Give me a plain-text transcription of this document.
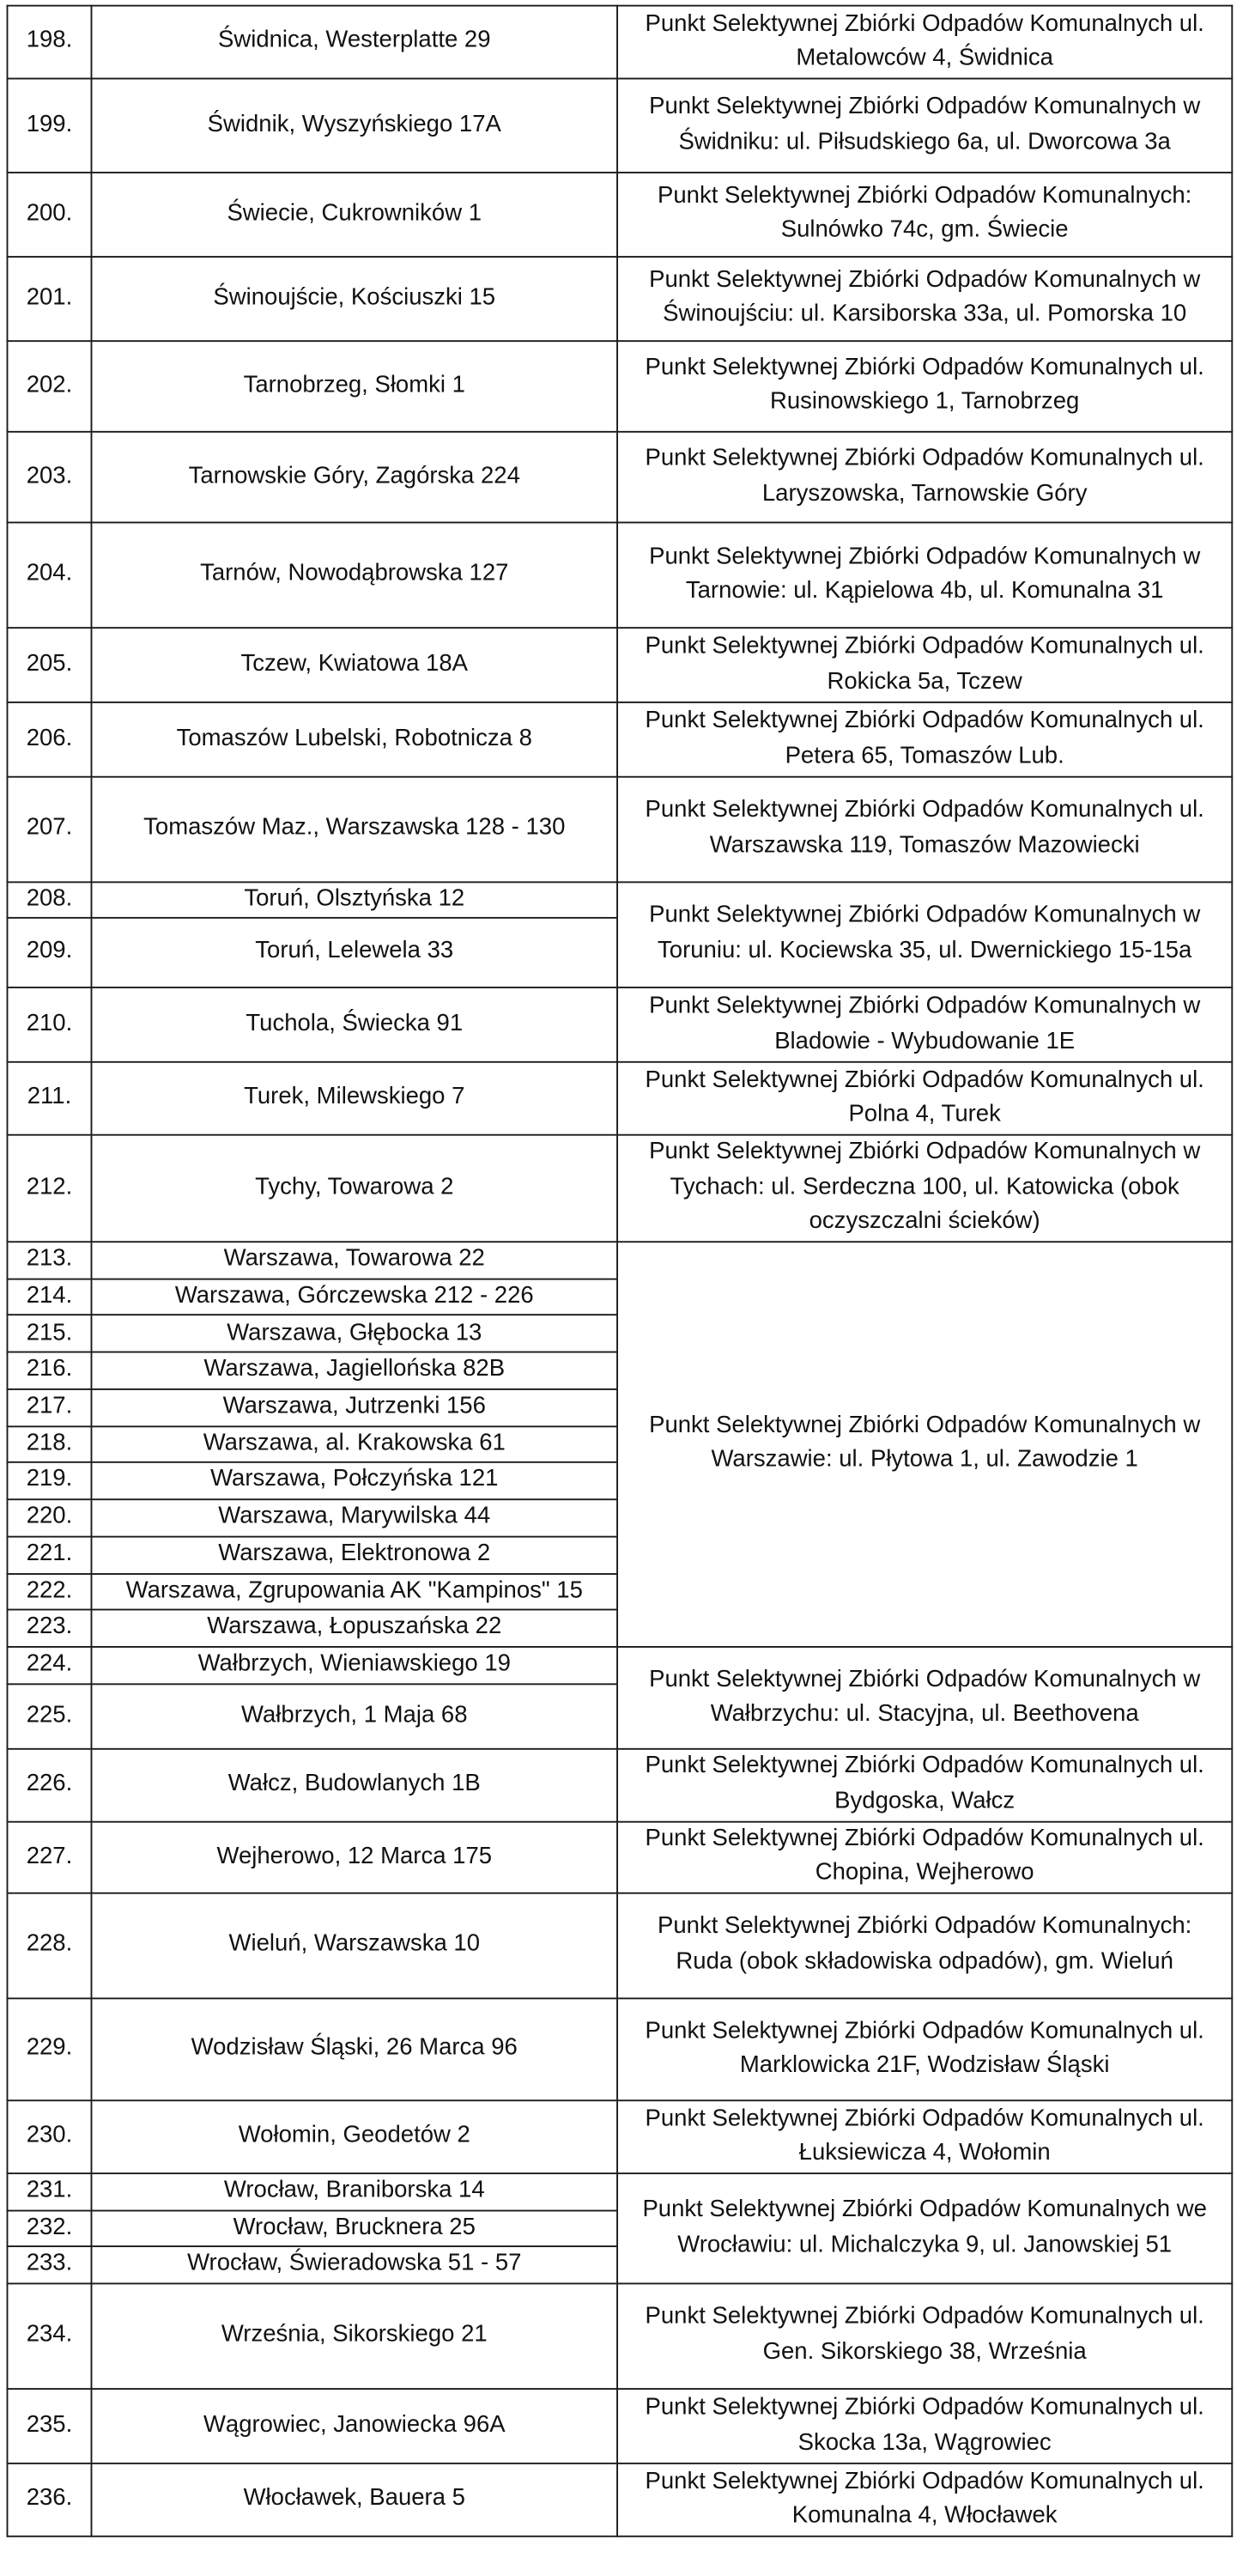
198.	Świdnica, Westerplatte 29	Punkt Selektywnej Zbiórki Odpadów Komunalnych ul.
Metalowców 4, Świdnica
199.	Świdnik, Wyszyńskiego 17A	Punkt Selektywnej Zbiórki Odpadów Komunalnych w
Świdniku: ul. Piłsudskiego 6a, ul. Dworcowa 3a
200.	Świecie, Cukrowników 1	Punkt Selektywnej Zbiórki Odpadów Komunalnych:
Sulnówko 74c, gm. Świecie
201.	Świnoujście, Kościuszki 15	Punkt Selektywnej Zbiórki Odpadów Komunalnych w
Świnoujściu: ul. Karsiborska 33a, ul. Pomorska 10
202.	Tarnobrzeg, Słomki 1	Punkt Selektywnej Zbiórki Odpadów Komunalnych ul.
Rusinowskiego 1, Tarnobrzeg
203.	Tarnowskie Góry, Zagórska 224	Punkt Selektywnej Zbiórki Odpadów Komunalnych ul.
Laryszowska, Tarnowskie Góry
204.	Tarnów, Nowodąbrowska 127	Punkt Selektywnej Zbiórki Odpadów Komunalnych w
Tarnowie: ul. Kąpielowa 4b, ul. Komunalna 31
205.	Tczew, Kwiatowa 18A	Punkt Selektywnej Zbiórki Odpadów Komunalnych ul.
Rokicka 5a, Tczew
206.	Tomaszów Lubelski, Robotnicza 8	Punkt Selektywnej Zbiórki Odpadów Komunalnych ul.
Petera 65, Tomaszów Lub.
207.	Tomaszów Maz., Warszawska 128 - 130	Punkt Selektywnej Zbiórki Odpadów Komunalnych ul.
Warszawska 119, Tomaszów Mazowiecki
208.	Toruń, Olsztyńska 12	Punkt Selektywnej Zbiórki Odpadów Komunalnych w
Toruniu: ul. Kociewska 35, ul. Dwernickiego 15-15a
209.	Toruń, Lelewela 33	
210.	Tuchola, Świecka 91	Punkt Selektywnej Zbiórki Odpadów Komunalnych w
Bladowie - Wybudowanie 1E
211.	Turek, Milewskiego 7	Punkt Selektywnej Zbiórki Odpadów Komunalnych ul.
Polna 4, Turek
212.	Tychy, Towarowa 2	Punkt Selektywnej Zbiórki Odpadów Komunalnych w
Tychach: ul. Serdeczna 100, ul. Katowicka (obok
oczyszczalni ścieków)
213.	Warszawa, Towarowa 22	Punkt Selektywnej Zbiórki Odpadów Komunalnych w
Warszawie: ul. Płytowa 1, ul. Zawodzie 1
214.	Warszawa, Górczewska 212 - 226	
215.	Warszawa, Głębocka 13	
216.	Warszawa, Jagiellońska 82B	
217.	Warszawa, Jutrzenki 156	
218.	Warszawa, al. Krakowska 61	
219.	Warszawa, Połczyńska 121	
220.	Warszawa, Marywilska 44	
221.	Warszawa, Elektronowa 2	
222.	Warszawa, Zgrupowania AK "Kampinos" 15	
223.	Warszawa, Łopuszańska 22	
224.	Wałbrzych, Wieniawskiego 19	Punkt Selektywnej Zbiórki Odpadów Komunalnych w
Wałbrzychu: ul. Stacyjna, ul. Beethovena
225.	Wałbrzych, 1 Maja 68	
226.	Wałcz, Budowlanych 1B	Punkt Selektywnej Zbiórki Odpadów Komunalnych ul.
Bydgoska, Wałcz
227.	Wejherowo, 12 Marca 175	Punkt Selektywnej Zbiórki Odpadów Komunalnych ul.
Chopina, Wejherowo
228.	Wieluń, Warszawska 10	Punkt Selektywnej Zbiórki Odpadów Komunalnych:
Ruda (obok składowiska odpadów), gm. Wieluń
229.	Wodzisław Śląski, 26 Marca 96	Punkt Selektywnej Zbiórki Odpadów Komunalnych ul.
Marklowicka 21F, Wodzisław Śląski
230.	Wołomin, Geodetów 2	Punkt Selektywnej Zbiórki Odpadów Komunalnych ul.
Łuksiewicza 4, Wołomin
231.	Wrocław, Braniborska 14	Punkt Selektywnej Zbiórki Odpadów Komunalnych we
Wrocławiu: ul. Michalczyka 9, ul. Janowskiej 51
232.	Wrocław, Brucknera 25	
233.	Wrocław, Świeradowska 51 - 57	
234.	Września, Sikorskiego 21	Punkt Selektywnej Zbiórki Odpadów Komunalnych ul.
Gen. Sikorskiego 38, Września
235.	Wągrowiec, Janowiecka 96A	Punkt Selektywnej Zbiórki Odpadów Komunalnych ul.
Skocka 13a, Wągrowiec
236.	Włocławek, Bauera 5	Punkt Selektywnej Zbiórki Odpadów Komunalnych ul.
Komunalna 4, Włocławek
